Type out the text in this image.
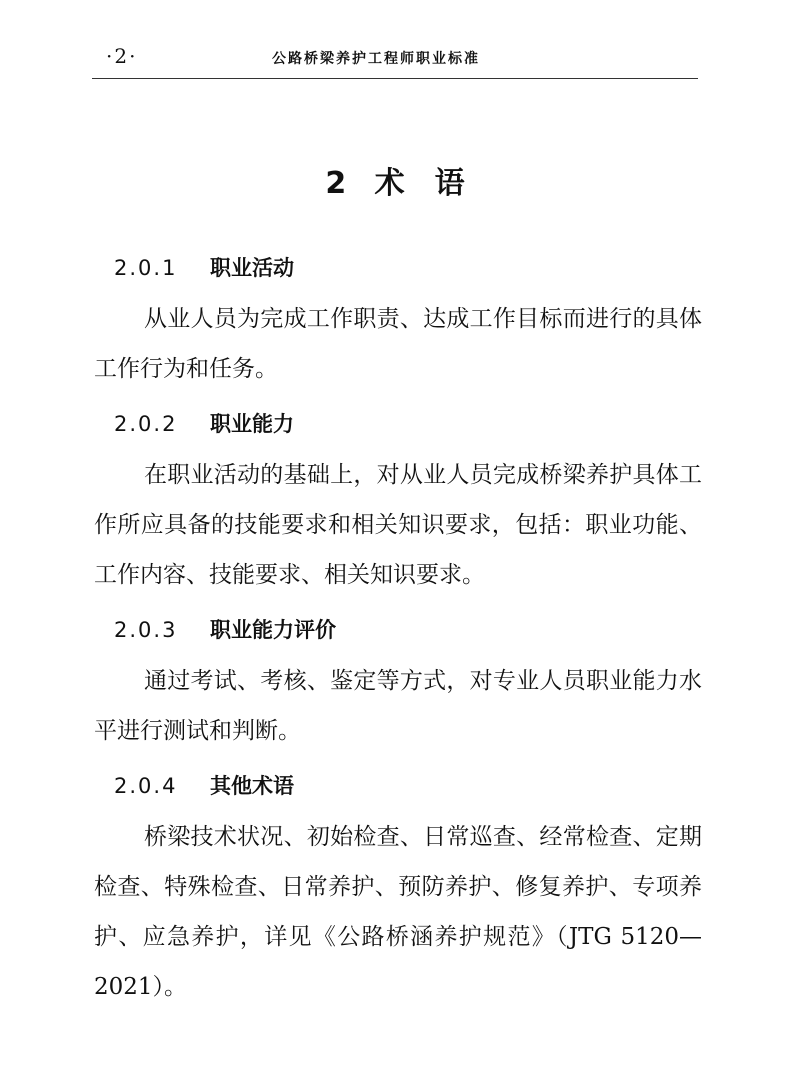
·2·	公路桥梁养护工程师职业标准
2 术　语
2.0.1 职业活动

从业人员为完成工作职责、达成工作目标而进行的具体工作行为和任务。

2.0.2 职业能力

在职业活动的基础上，对从业人员完成桥梁养护具体工作所应具备的技能要求和相关知识要求，包括：职业功能、工作内容、技能要求、相关知识要求。

2.0.3 职业能力评价

通过考试、考核、鉴定等方式，对专业人员职业能力水平进行测试和判断。

2.0.4 其他术语

桥梁技术状况、初始检查、日常巡查、经常检查、定期检查、特殊检查、日常养护、预防养护、修复养护、专项养护、应急养护，详见《公路桥涵养护规范》（JTG 5120—2021）。
